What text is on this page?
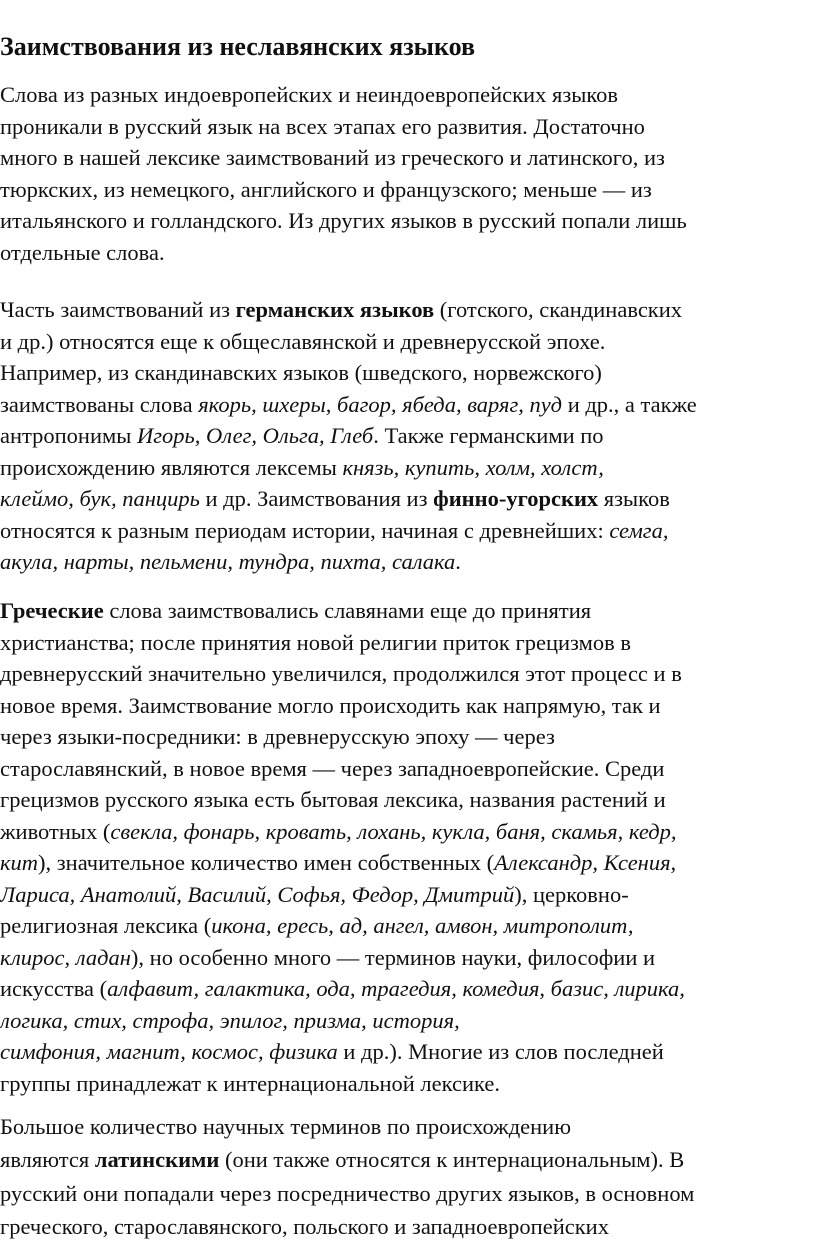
Заимствования из неславянских языков

Слова из разных индоевропейских и неиндоевропейских языков
проникали в русский язык на всех этапах его развития. Достаточно
много в нашей лексике заимствований из греческого и латинского, из
тюркских, из немецкого, английского и французского; меньше — из
итальянского и голландского. Из других языков в русский попали лишь
отдельные слова.

Часть заимствований из германских языков (готского, скандинавских
и др.) относятся еще к общеславянской и древнерусской эпохе.
Например, из скандинавских языков (шведского, норвежского)
заимствованы слова якорь, шхеры, багор, ябеда, варяг, пуд и др., а также
антропонимы Игорь, Олег, Ольга, Глеб. Также германскими по
происхождению являются лексемы князь, купить, холм, холст,
клеймо, бук, панцирь и др. Заимствования из финно-угорских языков
относятся к разным периодам истории, начиная с древнейших: семга,
акула, нарты, пельмени, тундра, пихта, салака.

Греческие слова заимствовались славянами еще до принятия
христианства; после принятия новой религии приток грецизмов в
древнерусский значительно увеличился, продолжился этот процесс и в
новое время. Заимствование могло происходить как напрямую, так и
через языки-посредники: в древнерусскую эпоху — через
старославянский, в новое время — через западноевропейские. Среди
грецизмов русского языка есть бытовая лексика, названия растений и
животных (свекла, фонарь, кровать, лохань, кукла, баня, скамья, кедр,
кит), значительное количество имен собственных (Александр, Ксения,
Лариса, Анатолий, Василий, Софья, Федор, Дмитрий), церковно-
религиозная лексика (икона, ересь, ад, ангел, амвон, митрополит,
клирос, ладан), но особенно много — терминов науки, философии и
искусства (алфавит, галактика, ода, трагедия, комедия, базис, лирика,
логика, стих, строфа, эпилог, призма, история,
симфония, магнит, космос, физика и др.). Многие из слов последней
группы принадлежат к интернациональной лексике.

Большое количество научных терминов по происхождению
являются латинскими (они также относятся к интернациональным). В
русский они попадали через посредничество других языков, в основном
греческого, старославянского, польского и западноевропейских
